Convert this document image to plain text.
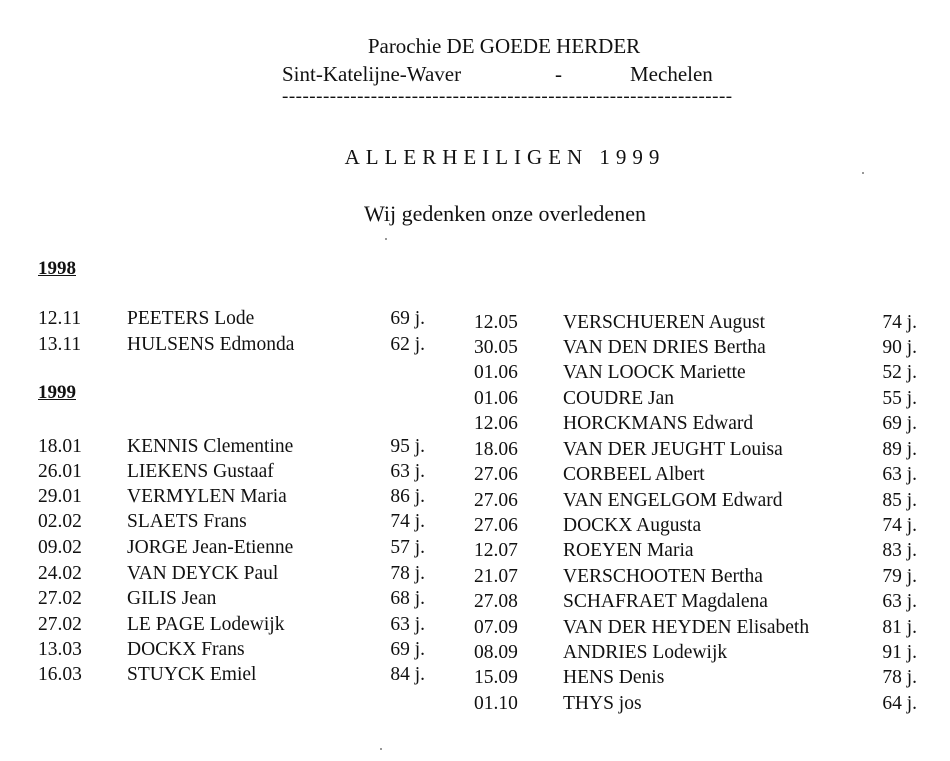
Parochie DE GOEDE HERDER
Sint-Katelijne-Waver	-	Mechelen
------------------------------------------------------------------
ALLERHEILIGEN 1999
Wij gedenken onze overledenen
1998
1999
12.11 PEETERS Lode	69 j.
13.11 HULSENS Edmonda	62 j.
18.01 KENNIS Clementine	95 j.
26.01 LIEKENS Gustaaf	63 j.
29.01 VERMYLEN Maria	86 j.
02.02 SLAETS Frans	74 j.
09.02 JORGE Jean-Etienne	57 j.
24.02 VAN DEYCK Paul	78 j.
27.02 GILIS Jean	68 j.
27.02 LE PAGE Lodewijk	63 j.
13.03 DOCKX Frans	69 j.
16.03 STUYCK Emiel	84 j.
12.05 VERSCHUEREN August	74 j.
30.05 VAN DEN DRIES Bertha	90 j.
01.06 VAN LOOCK Mariette	52 j.
01.06 COUDRE Jan	55 j.
12.06 HORCKMANS Edward	69 j.
18.06 VAN DER JEUGHT Louisa	89 j.
27.06 CORBEEL Albert	63 j.
27.06 VAN ENGELGOM Edward	85 j.
27.06 DOCKX Augusta	74 j.
12.07 ROEYEN Maria	83 j.
21.07 VERSCHOOTEN Bertha	79 j.
27.08 SCHAFRAET Magdalena	63 j.
07.09 VAN DER HEYDEN Elisabeth	81 j.
08.09 ANDRIES Lodewijk	91 j.
15.09 HENS Denis	78 j.
01.10 THYS jos	64 j.
